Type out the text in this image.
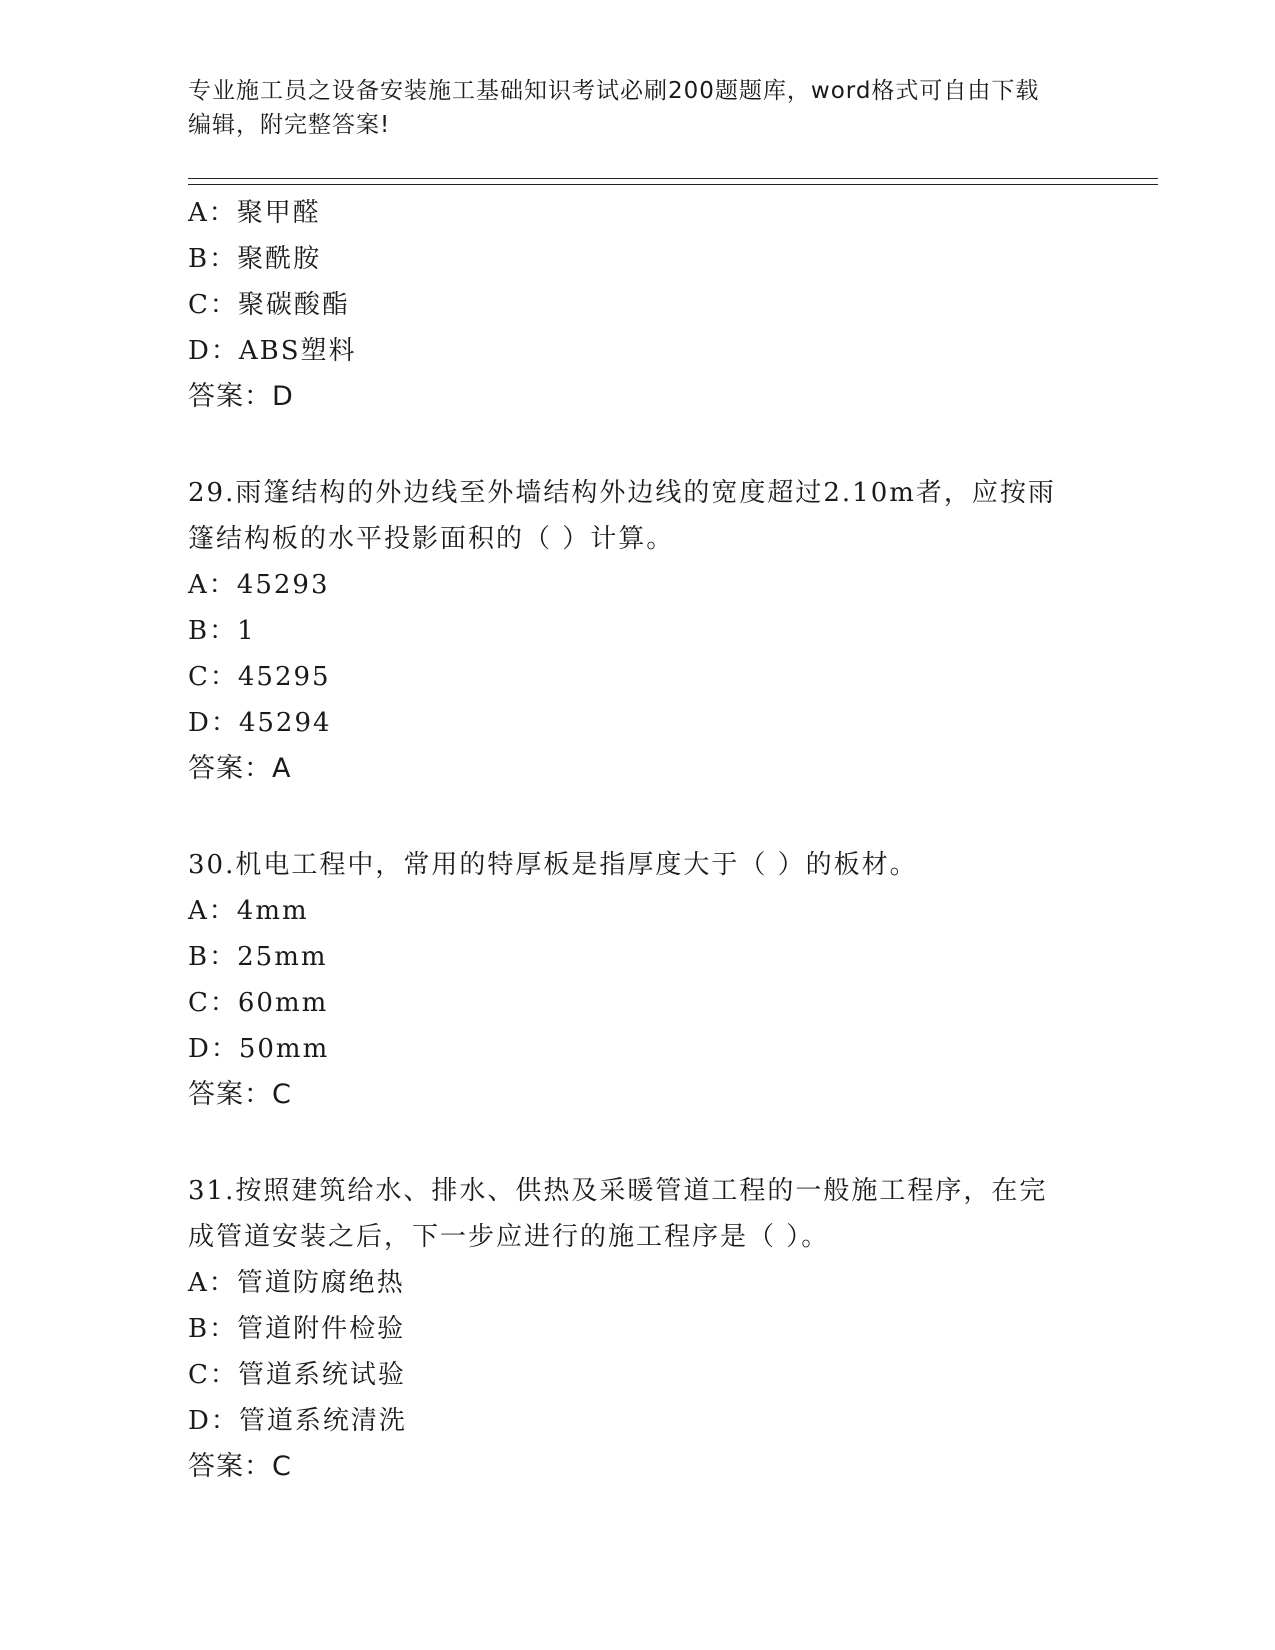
专业施工员之设备安装施工基础知识考试必刷200题题库，word格式可自由下载
编辑，附完整答案!
A：聚甲醛
B：聚酰胺
C：聚碳酸酯
D：ABS塑料
答案：D
29.雨篷结构的外边线至外墙结构外边线的宽度超过2.10m者，应按雨
篷结构板的水平投影面积的（ ）计算。
A：45293
B：1
C：45295
D：45294
答案：A
30.机电工程中，常用的特厚板是指厚度大于（ ）的板材。
A：4mm
B：25mm
C：60mm
D：50mm
答案：C
31.按照建筑给水、排水、供热及采暖管道工程的一般施工程序，在完
成管道安装之后，下一步应进行的施工程序是（ ）。
A：管道防腐绝热
B：管道附件检验
C：管道系统试验
D：管道系统清洗
答案：C
